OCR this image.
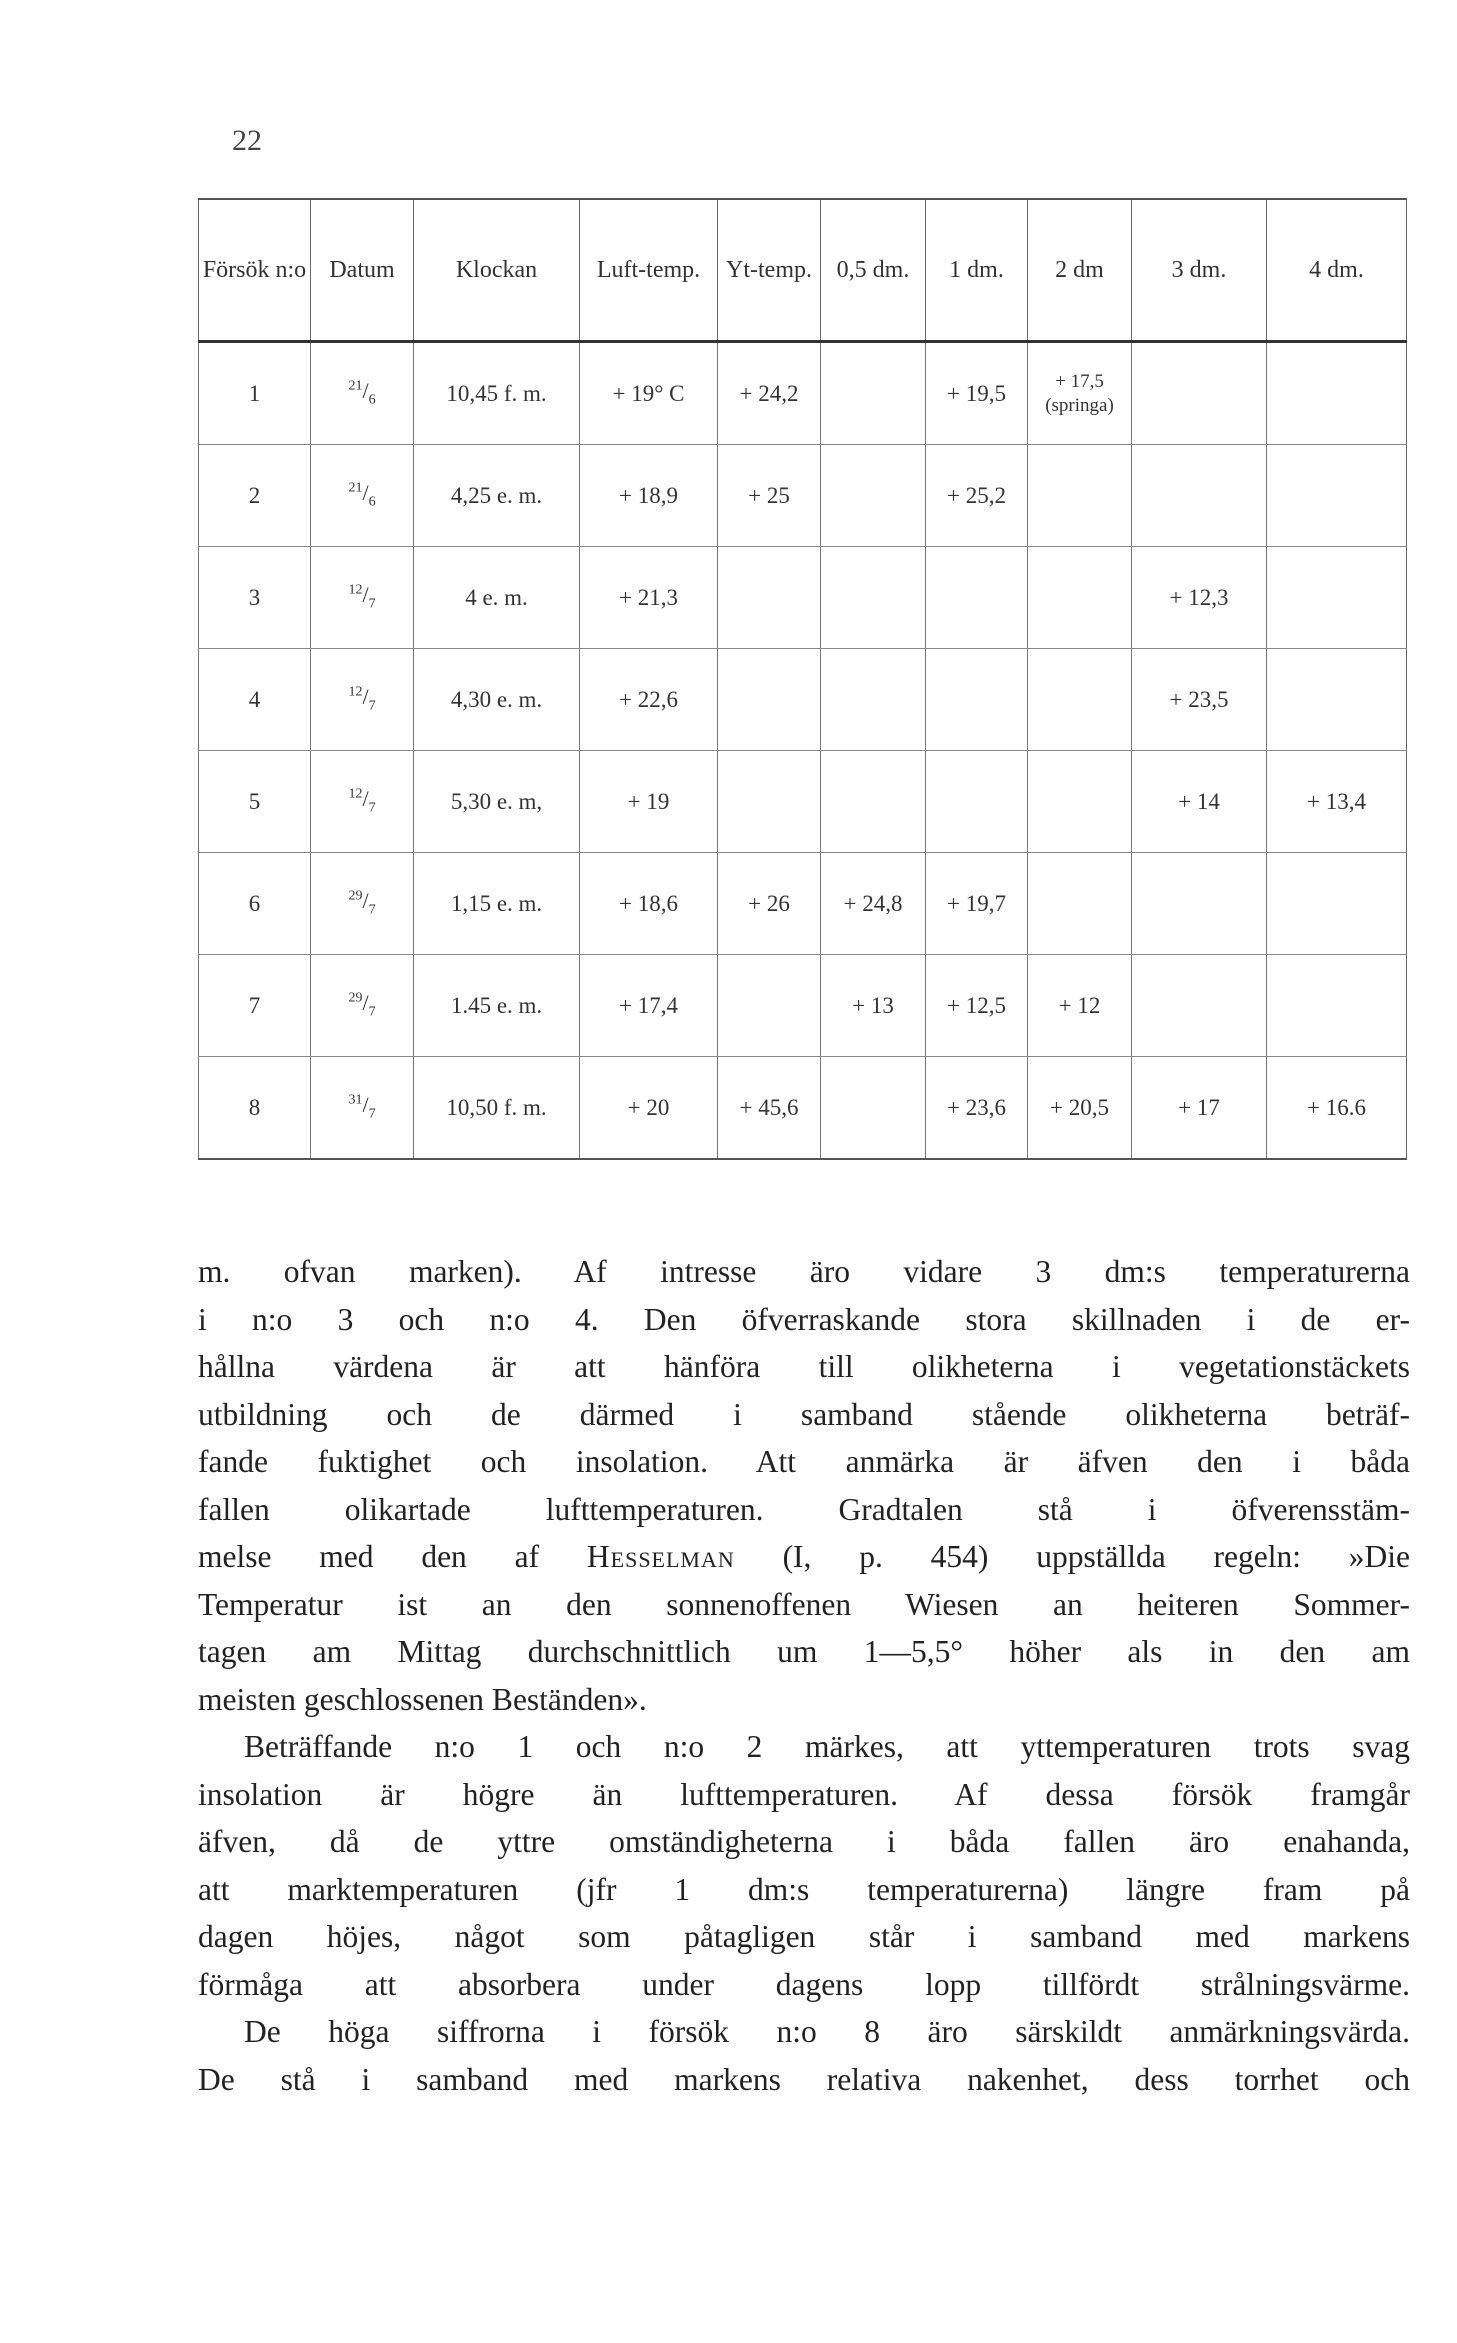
22
Försök n:o	Datum	Klockan	Luft-temp.	Yt-temp.	0,5 dm.	1 dm.	2 dm	3 dm.	4 dm.
1	$^{21}/_6$	10,45 f. m.	+ 19° C	+ 24,2		+ 19,5	+ 17,5
(springa)		
2	$^{21}/_6$	4,25 e. m.	+ 18,9	+ 25		+ 25,2			
3	$^{12}/_7$	4 e. m.	+ 21,3					+ 12,3	
4	$^{12}/_7$	4,30 e. m.	+ 22,6					+ 23,5	
5	$^{12}/_7$	5,30 e. m,	+ 19					+ 14	+ 13,4
6	$^{29}/_7$	1,15 e. m.	+ 18,6	+ 26	+ 24,8	+ 19,7			
7	$^{29}/_7$	1.45 e. m.	+ 17,4		+ 13	+ 12,5	+ 12		
8	$^{31}/_7$	10,50 f. m.	+ 20	+ 45,6		+ 23,6	+ 20,5	+ 17	+ 16.6

m. ofvan marken). Af intresse äro vidare 3 dm:s temperaturerna
i n:o 3 och n:o 4. Den öfverraskande stora skillnaden i de er-
hållna värdena är att hänföra till olikheterna i vegetationstäckets
utbildning och de därmed i samband stående olikheterna beträf-
fande fuktighet och insolation. Att anmärka är äfven den i båda
fallen olikartade lufttemperaturen. Gradtalen stå i öfverensstäm-
melse med den af Hesselman (I, p. 454) uppställda regeln: »Die
Temperatur ist an den sonnenoffenen Wiesen an heiteren Sommer-
tagen am Mittag durchschnittlich um 1—5,5° höher als in den am
meisten geschlossenen Beständen».

Beträffande n:o 1 och n:o 2 märkes, att yttemperaturen trots svag
insolation är högre än lufttemperaturen. Af dessa försök framgår
äfven, då de yttre omständigheterna i båda fallen äro enahanda,
att marktemperaturen (jfr 1 dm:s temperaturerna) längre fram på
dagen höjes, något som påtagligen står i samband med markens
förmåga att absorbera under dagens lopp tillfördt strålningsvärme.

De höga siffrorna i försök n:o 8 äro särskildt anmärkningsvärda.
De stå i samband med markens relativa nakenhet, dess torrhet och
